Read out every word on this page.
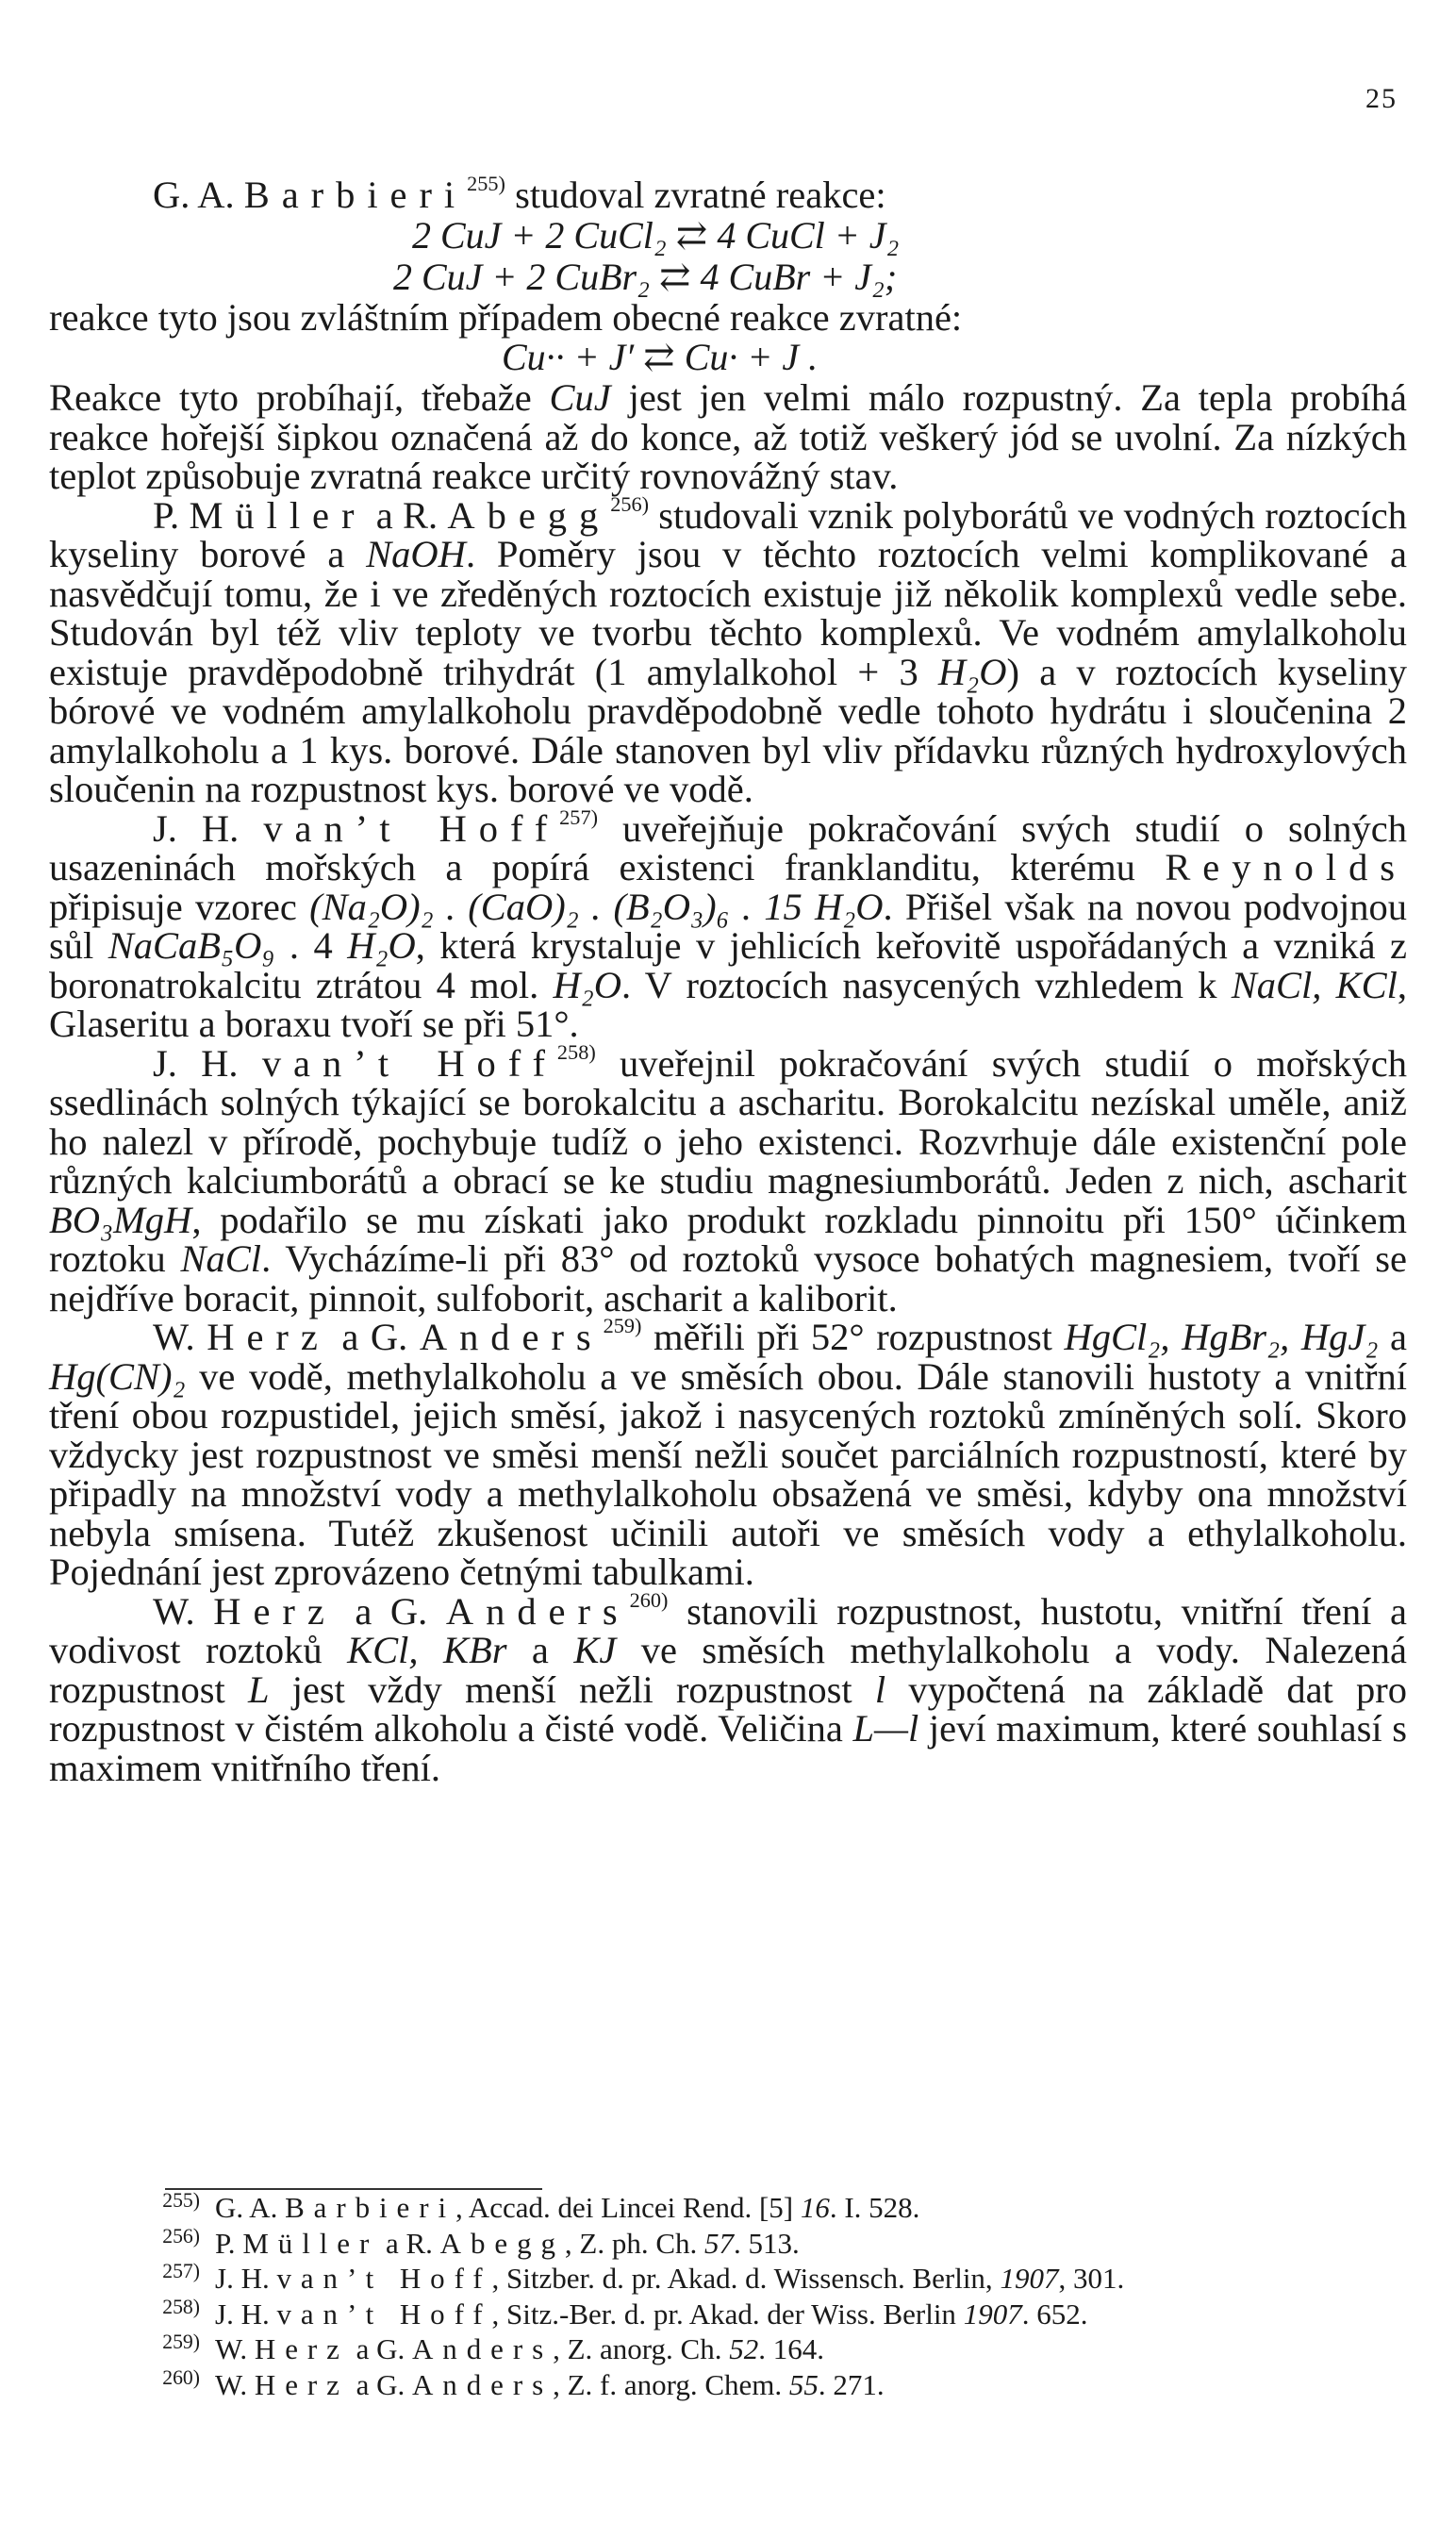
25

G. A. Barbieri$^{255)}$ studoval zvratné reakce:

2 CuJ + 2 CuCl₂ ⇄ 4 CuCl + J₂
2 CuJ + 2 CuBr₂ ⇄ 4 CuBr + J₂;

reakce tyto jsou zvláštním případem obecné reakce zvratné:

Cu·· + J′ ⇄ Cu· + J .

Reakce tyto probíhají, třebaže CuJ jest jen velmi málo rozpustný. Za tepla probíhá reakce hořejší šipkou označená až do konce, až totiž veškerý jód se uvolní. Za nízkých teplot způsobuje zvratná reakce určitý rovnovážný stav.

P. Müller a R. Abegg$^{256)}$ studovali vznik polyborátů ve vodných roztocích kyseliny borové a NaOH. Poměry jsou v těchto roztocích velmi komplikované a nasvědčují tomu, že i ve zředěných roztocích existuje již několik komplexů vedle sebe. Studován byl též vliv teploty ve tvorbu těchto komplexů. Ve vodném amylalkoholu existuje pravděpodobně trihydrát (1 amylalkohol + 3 H₂O) a v roztocích kyseliny bórové ve vodném amylalkoholu pravděpodobně vedle tohoto hydrátu i sloučenina 2 amylalkoholu a 1 kys. borové. Dále stanoven byl vliv přídavku různých hydroxylových sloučenin na rozpustnost kys. borové ve vodě.

J. H. van’t Hoff$^{257)}$ uveřejňuje pokračování svých studií o solných usazeninách mořských a popírá existenci franklanditu, kterému Reynolds připisuje vzorec (Na₂O)₂ . (CaO)₂ . (B₂O₃)₆ . 15 H₂O. Přišel však na novou podvojnou sůl NaCaB₅O₉ . 4 H₂O, která krystaluje v jehlicích keřovitě uspořádaných a vzniká z boronatrokalcitu ztrátou 4 mol. H₂O. V roztocích nasycených vzhledem k NaCl, KCl, Glaseritu a boraxu tvoří se při 51°.

J. H. van’t Hoff$^{258)}$ uveřejnil pokračování svých studií o mořských ssedlinách solných týkající se borokalcitu a ascharitu. Borokalcitu nezískal uměle, aniž ho nalezl v přírodě, pochybuje tudíž o jeho existenci. Rozvrhuje dále existenční pole různých kalciumborátů a obrací se ke studiu magnesiumborátů. Jeden z nich, ascharit BO₃MgH, podařilo se mu získati jako produkt rozkladu pinnoitu při 150° účinkem roztoku NaCl. Vycházíme-li při 83° od roztoků vysoce bohatých magnesiem, tvoří se nejdříve boracit, pinnoit, sulfoborit, ascharit a kaliborit.

W. Herz a G. Anders$^{259)}$ měřili při 52° rozpustnost HgCl₂, HgBr₂, HgJ₂ a Hg(CN)₂ ve vodě, methylalkoholu a ve směsích obou. Dále stanovili hustoty a vnitřní tření obou rozpustidel, jejich směsí, jakož i nasycených roztoků zmíněných solí. Skoro vždycky jest rozpustnost ve směsi menší nežli součet parciálních rozpustností, které by připadly na množství vody a methylalkoholu obsažená ve směsi, kdyby ona množství nebyla smísena. Tutéž zkušenost učinili autoři ve směsích vody a ethylalkoholu. Pojednání jest zprovázeno četnými tabulkami.

W. Herz a G. Anders$^{260)}$ stanovili rozpustnost, hustotu, vnitřní tření a vodivost roztoků KCl, KBr a KJ ve směsích methylalkoholu a vody. Nalezená rozpustnost L jest vždy menší nežli rozpustnost l vypočtená na základě dat pro rozpustnost v čistém alkoholu a čisté vodě. Veličina L—l jeví maximum, které souhlasí s maximem vnitřního tření.

$^{255)}$ G. A. Barbieri, Accad. dei Lincei Rend. [5] 16. I. 528.
$^{256)}$ P. Müller a R. Abegg, Z. ph. Ch. 57. 513.
$^{257)}$ J. H. van’t Hoff, Sitzber. d. pr. Akad. d. Wissensch. Berlin, 1907, 301.
$^{258)}$ J. H. van’t Hoff, Sitz.-Ber. d. pr. Akad. der Wiss. Berlin 1907. 652.
$^{259)}$ W. Herz a G. Anders, Z. anorg. Ch. 52. 164.
$^{260)}$ W. Herz a G. Anders, Z. f. anorg. Chem. 55. 271.
